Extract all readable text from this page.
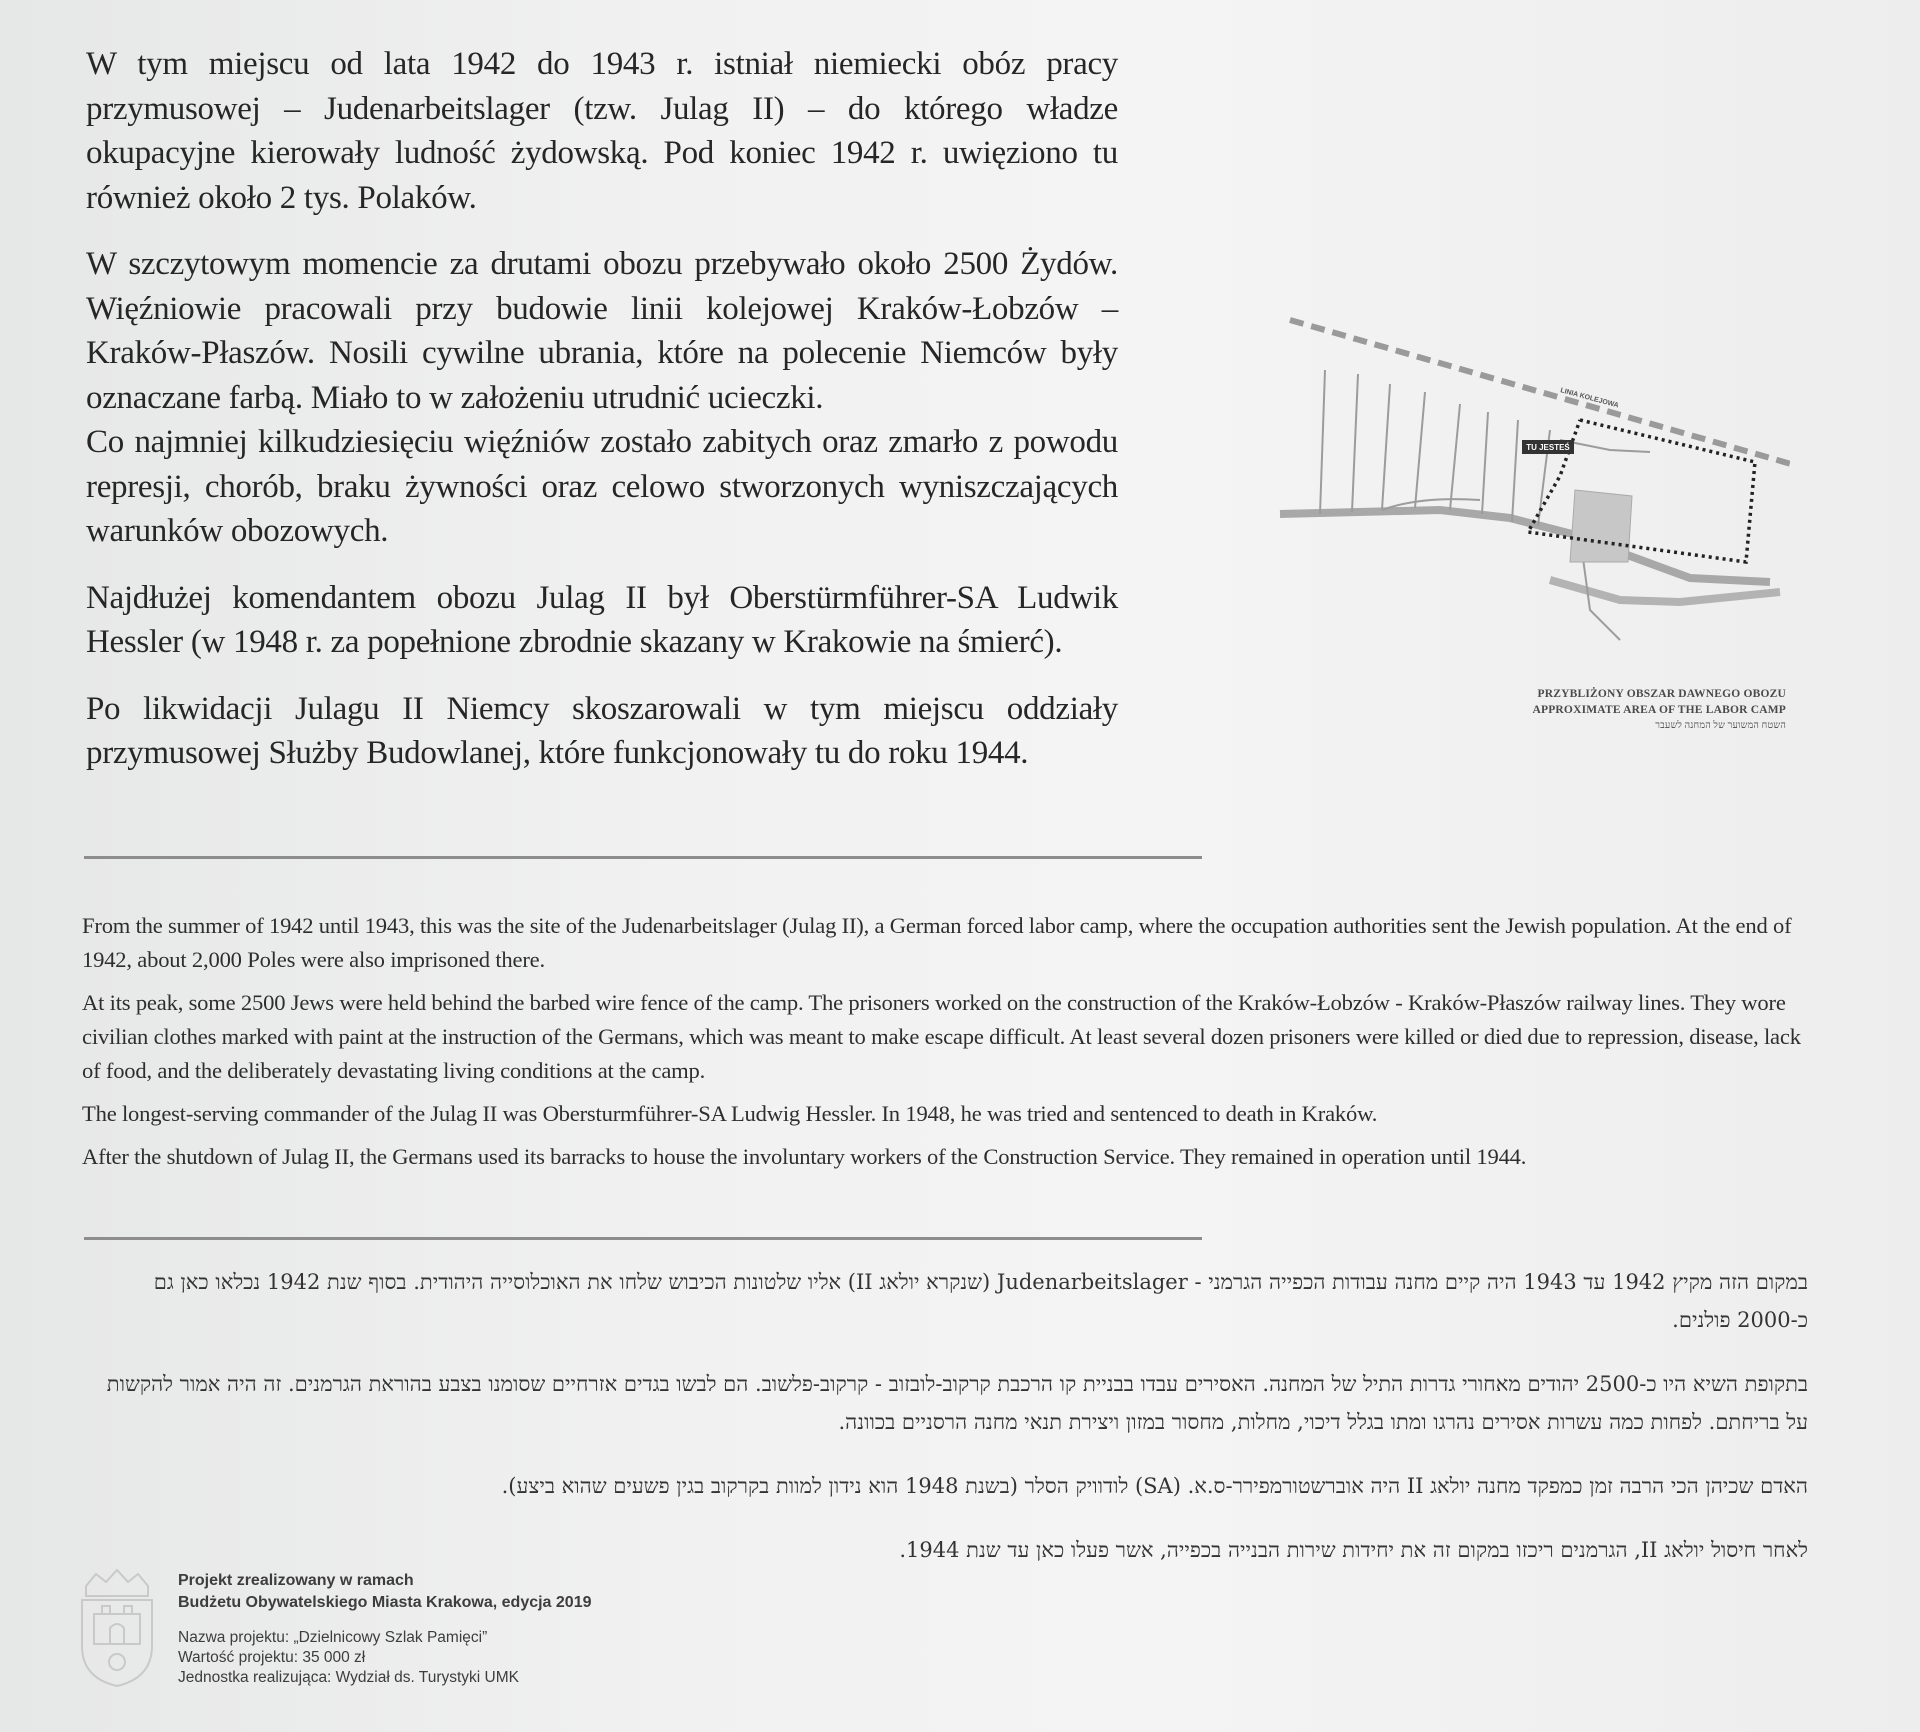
W tym miejscu od lata 1942 do 1943 r. istniał niemiecki obóz pracy przymusowej – Judenarbeitslager (tzw. Julag II) – do którego władze okupacyjne kierowały ludność żydowską. Pod koniec 1942 r. uwięziono tu również około 2 tys. Polaków.

W szczytowym momencie za drutami obozu przebywało około 2500 Żydów. Więźniowie pracowali przy budowie linii kolejowej Kraków-Łobzów – Kraków-Płaszów. Nosili cywilne ubrania, które na polecenie Niemców były oznaczane farbą. Miało to w założeniu utrudnić ucieczki.

Co najmniej kilkudziesięciu więźniów zostało zabitych oraz zmarło z powodu represji, chorób, braku żywności oraz celowo stworzonych wyniszczających warunków obozowych.

Najdłużej komendantem obozu Julag II był Oberstürmführer-SA Ludwik Hessler (w 1948 r. za popełnione zbrodnie skazany w Krakowie na śmierć).

Po likwidacji Julagu II Niemcy skoszarowali w tym miejscu oddziały przymusowej Służby Budowlanej, które funkcjonowały tu do roku 1944.

TU JESTEŚ
LINIA KOLEJOWA
PRZYBLIŻONY OBSZAR DAWNEGO OBOZU
APPROXIMATE AREA OF THE LABOR CAMP
השטח המשוער של המחנה לשעבר

From the summer of 1942 until 1943, this was the site of the Judenarbeitslager (Julag II), a German forced labor camp, where the occupation authorities sent the Jewish population. At the end of 1942, about 2,000 Poles were also imprisoned there.

At its peak, some 2500 Jews were held behind the barbed wire fence of the camp. The prisoners worked on the construction of the Kraków-Łobzów - Kraków-Płaszów railway lines. They wore civilian clothes marked with paint at the instruction of the Germans, which was meant to make escape difficult. At least several dozen prisoners were killed or died due to repression, disease, lack of food, and the deliberately devastating living conditions at the camp.

The longest-serving commander of the Julag II was Obersturmführer-SA Ludwig Hessler. In 1948, he was tried and sentenced to death in Kraków.

After the shutdown of Julag II, the Germans used its barracks to house the involuntary workers of the Construction Service. They remained in operation until 1944.

במקום הזה מקיץ 1942 עד 1943 היה קיים מחנה עבודות הכפייה הגרמני - Judenarbeitslager (שנקרא יולאג II) אליו שלטונות הכיבוש שלחו את האוכלוסייה היהודית. בסוף שנת 1942 נכלאו כאן גם כ-2000 פולנים.

בתקופת השיא היו כ-2500 יהודים מאחורי גדרות התיל של המחנה. האסירים עבדו בבניית קו הרכבת קרקוב-לובזוב - קרקוב-פלשוב. הם לבשו בגדים אזרחיים שסומנו בצבע בהוראת הגרמנים. זה היה אמור להקשות על בריחתם. לפחות כמה עשרות אסירים נהרגו ומתו בגלל דיכוי, מחלות, מחסור במזון ויצירת תנאי מחנה הרסניים בכוונה.

האדם שכיהן הכי הרבה זמן כמפקד מחנה יולאג II היה אוברשטורמפירר-ס.א. (SA) לודוויק הסלר (בשנת 1948 הוא נידון למוות בקרקוב בגין פשעים שהוא ביצע).

לאחר חיסול יולאג II, הגרמנים ריכזו במקום זה את יחידות שירות הבנייה בכפייה, אשר פעלו כאן עד שנת 1944.

Projekt zrealizowany w ramach
Budżetu Obywatelskiego Miasta Krakowa, edycja 2019
Nazwa projektu: „Dzielnicowy Szlak Pamięci”
Wartość projektu: 35 000 zł
Jednostka realizująca: Wydział ds. Turystyki UMK
